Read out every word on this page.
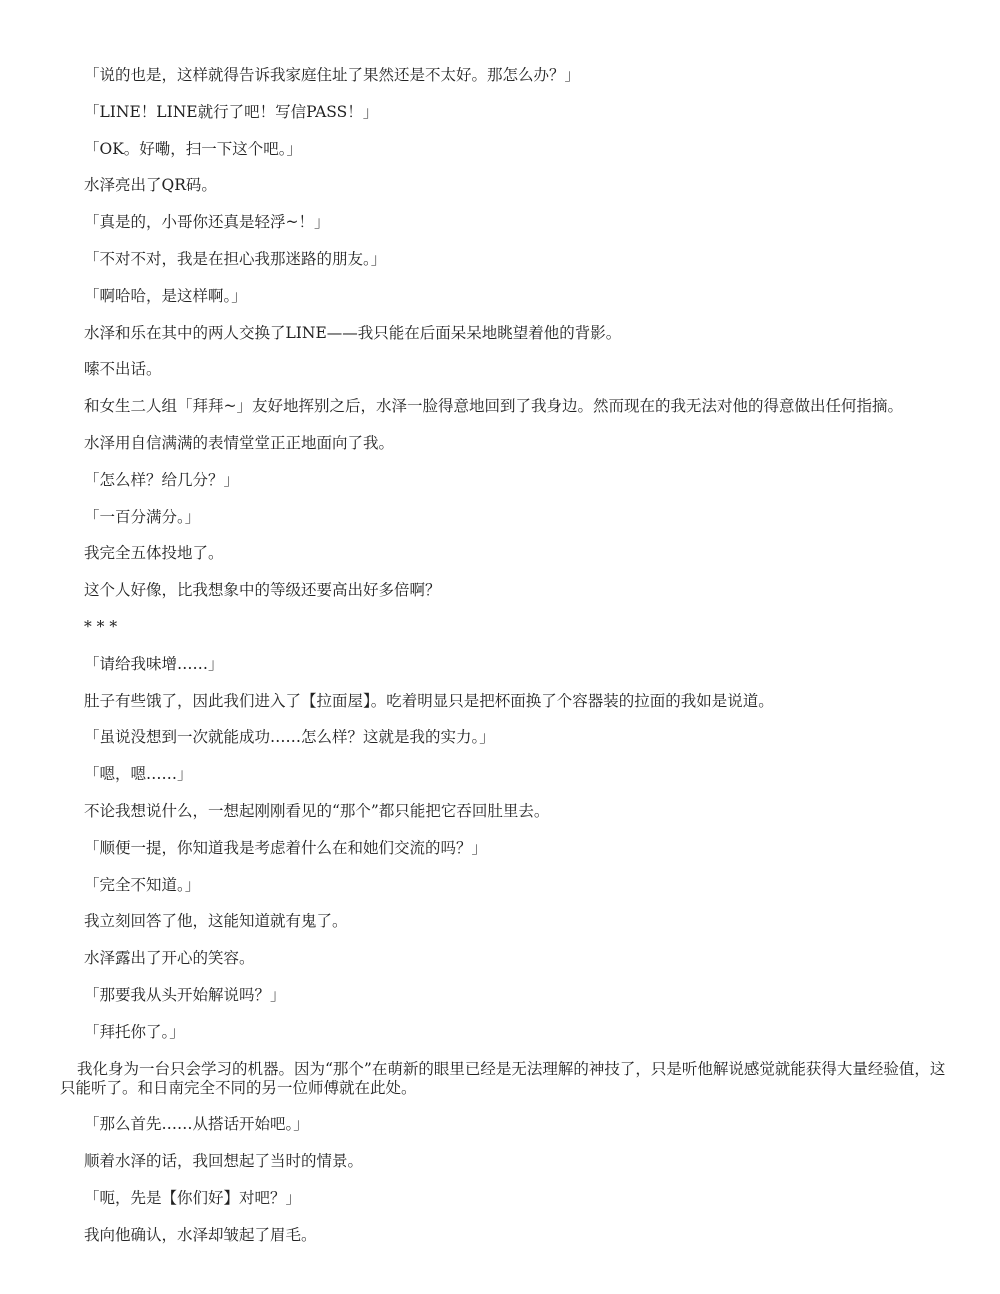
「说的也是，这样就得告诉我家庭住址了果然还是不太好。那怎么办？」

「LINE！LINE就行了吧！写信PASS！」

「OK。好嘞，扫一下这个吧。」

水泽亮出了QR码。

「真是的，小哥你还真是轻浮~！」

「不对不对，我是在担心我那迷路的朋友。」

「啊哈哈，是这样啊。」

水泽和乐在其中的两人交换了LINE——我只能在后面呆呆地眺望着他的背影。

嗦不出话。

和女生二人组「拜拜~」友好地挥别之后，水泽一脸得意地回到了我身边。然而现在的我无法对他的得意做出任何指摘。

水泽用自信满满的表情堂堂正正地面向了我。

「怎么样？给几分？」

「一百分满分。」

我完全五体投地了。

这个人好像，比我想象中的等级还要高出好多倍啊？

* * *

「请给我味增……」

肚子有些饿了，因此我们进入了【拉面屋】。吃着明显只是把杯面换了个容器装的拉面的我如是说道。

「虽说没想到一次就能成功……怎么样？这就是我的实力。」

「嗯，嗯……」

不论我想说什么，一想起刚刚看见的“那个”都只能把它吞回肚里去。

「顺便一提，你知道我是考虑着什么在和她们交流的吗？」

「完全不知道。」

我立刻回答了他，这能知道就有鬼了。

水泽露出了开心的笑容。

「那要我从头开始解说吗？」

「拜托你了。」

我化身为一台只会学习的机器。因为“那个”在萌新的眼里已经是无法理解的神技了，只是听他解说感觉就能获得大量经验值，这只能听了。和日南完全不同的另一位师傅就在此处。

「那么首先……从搭话开始吧。」

顺着水泽的话，我回想起了当时的情景。

「呃，先是【你们好】对吧？」

我向他确认，水泽却皱起了眉毛。
